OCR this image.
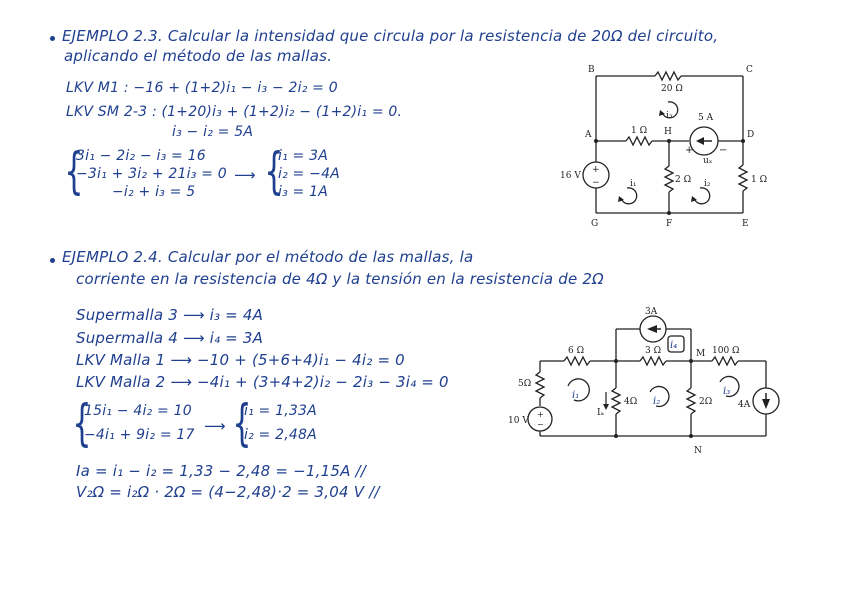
EJEMPLO 2.3. Calcular la intensidad que circula por la resistencia de 20Ω del circuito,
aplicando el método de las mallas.
LKV M1 : −16 + (1+2)i₁ − i₃ − 2i₂ = 0
LKV SM 2-3 : (1+20)i₃ + (1+2)i₂ − (1+2)i₁ = 0.
i₃ − i₂ = 5A
{
3i₁ − 2i₂ − i₃ = 16
−3i₁ + 3i₂ + 21i₃ = 0
−i₂ + i₃ = 5
⟶ {
i₁ = 3A
i₂ = −4A
i₃ = 1A
B	C
A	H	D
G	F	E
20 Ω
1 Ω
5 A
uₓ
2 Ω	1 Ω
16 V
i₃
i₁	i₂
+
−
+	−
EJEMPLO 2.4. Calcular por el método de las mallas, la
corriente en la resistencia de 4Ω y la tensión en la resistencia de 2Ω
Supermalla 3 ⟶ i₃ = 4A
Supermalla 4 ⟶ i₄ = 3A
LKV Malla 1 ⟶ −10 + (5+6+4)i₁ − 4i₂ = 0
LKV Malla 2 ⟶ −4i₁ + (3+4+2)i₂ − 2i₃ − 3i₄ = 0
{
15i₁ − 4i₂ = 10
−4i₁ + 9i₂ = 17 ⟶ {
i₁ = 1,33A
i₂ = 2,48A
Ia = i₁ − i₂ = 1,33 − 2,48 = −1,15A //
V₂Ω = i₂Ω · 2Ω = (4−2,48)·2 = 3,04 V //
3A
6 Ω	3 Ω	M 100 Ω
5Ω
4Ω	2Ω	4A
10 V
Iₐ
N
i₁
i₂
i₃
i₄
+
−
